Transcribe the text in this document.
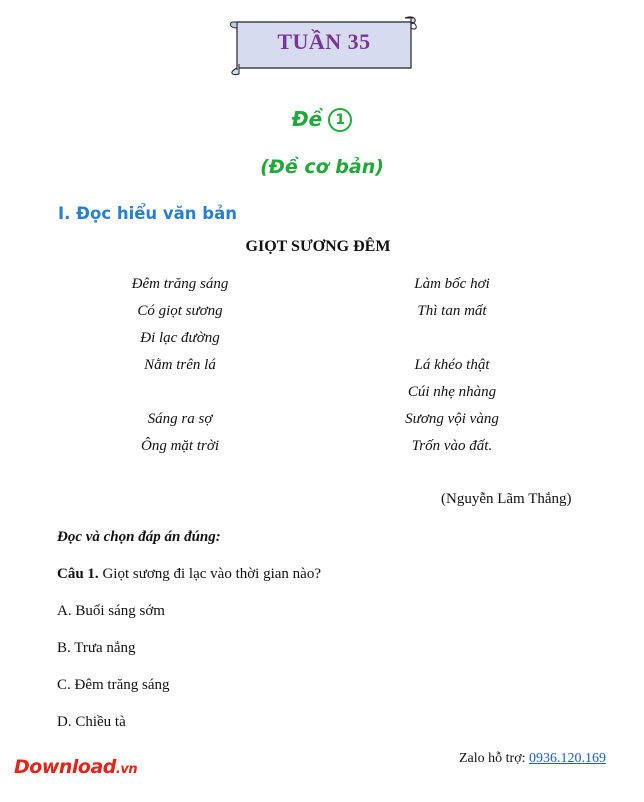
TUẦN 35
Đề 1
(Đề cơ bản)
I. Đọc hiểu văn bản
GIỌT SƯƠNG ĐÊM
Đêm trăng sáng
Có giọt sương
Đi lạc đường
Nằm trên lá
Sáng ra sợ
Ông mặt trời
Làm bốc hơi
Thì tan mất
Lá khéo thật
Cúi nhẹ nhàng
Sương vội vàng
Trốn vào đất.
(Nguyễn Lãm Thắng)
Đọc và chọn đáp án đúng:
Câu 1. Giọt sương đi lạc vào thời gian nào?
A. Buổi sáng sớm
B. Trưa nắng
C. Đêm trăng sáng
D. Chiều tà
Download.vn
Zalo hỗ trợ: 0936.120.169
